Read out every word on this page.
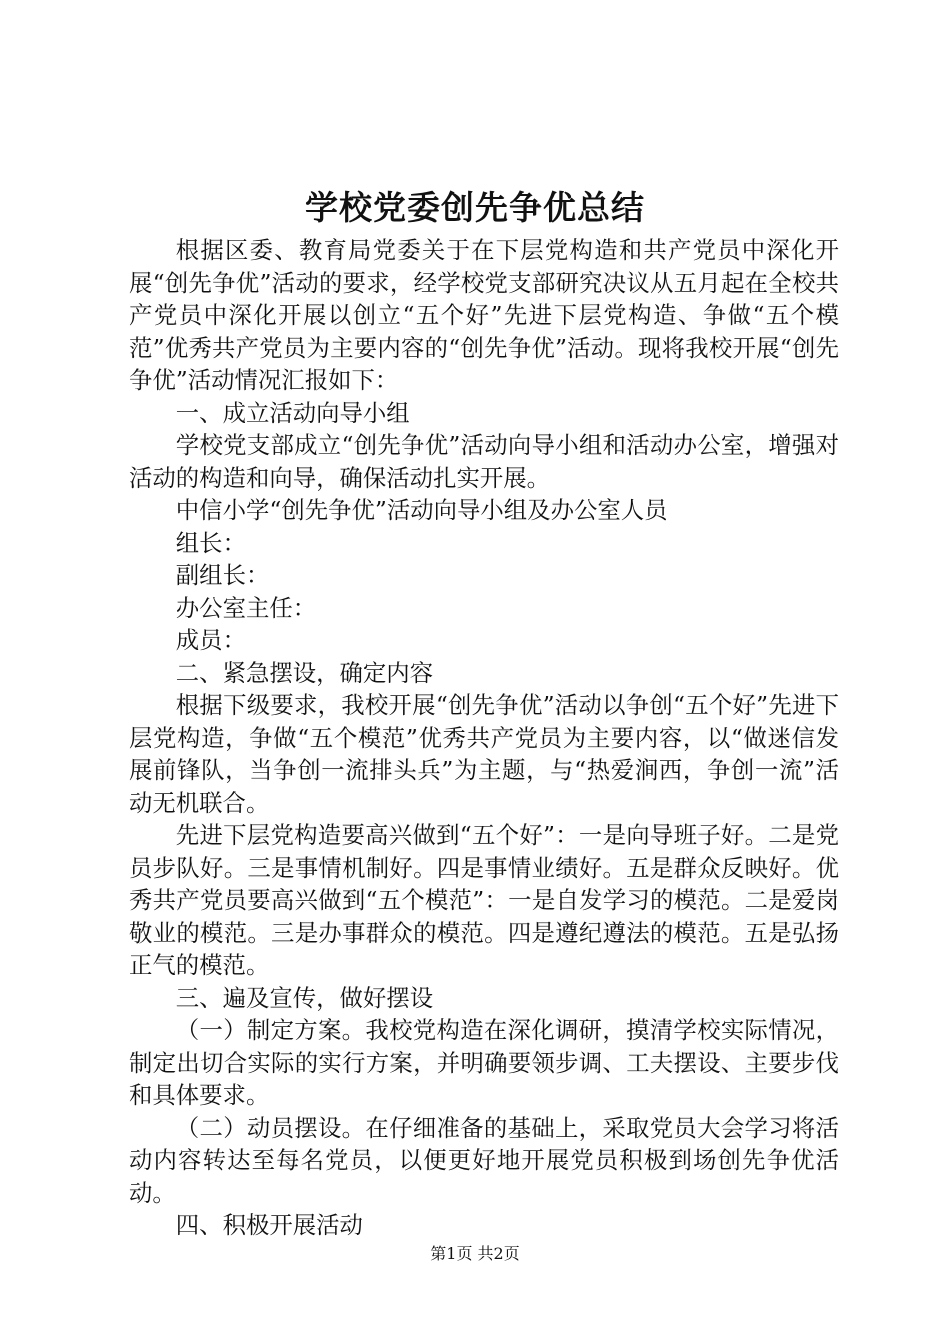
学校党委创先争优总结

根据区委、教育局党委关于在下层党构造和共产党员中深化开展“创先争优”活动的要求，经学校党支部研究决议从五月起在全校共产党员中深化开展以创立“五个好”先进下层党构造、争做“五个模范”优秀共产党员为主要内容的“创先争优”活动。现将我校开展“创先争优”活动情况汇报如下：

一、成立活动向导小组

学校党支部成立“创先争优”活动向导小组和活动办公室，增强对活动的构造和向导，确保活动扎实开展。

中信小学“创先争优”活动向导小组及办公室人员

组长：

副组长：

办公室主任：

成员：

二、紧急摆设，确定内容

根据下级要求，我校开展“创先争优”活动以争创“五个好”先进下层党构造，争做“五个模范”优秀共产党员为主要内容，以“做迷信发展前锋队，当争创一流排头兵”为主题，与“热爱涧西，争创一流”活动无机联合。

先进下层党构造要高兴做到“五个好”：一是向导班子好。二是党员步队好。三是事情机制好。四是事情业绩好。五是群众反映好。优秀共产党员要高兴做到“五个模范”：一是自发学习的模范。二是爱岗敬业的模范。三是办事群众的模范。四是遵纪遵法的模范。五是弘扬正气的模范。

三、遍及宣传，做好摆设

（一）制定方案。我校党构造在深化调研，摸清学校实际情况，制定出切合实际的实行方案，并明确要领步调、工夫摆设、主要步伐和具体要求。

（二）动员摆设。在仔细准备的基础上，采取党员大会学习将活动内容转达至每名党员，以便更好地开展党员积极到场创先争优活动。

四、积极开展活动

第1页 共2页
